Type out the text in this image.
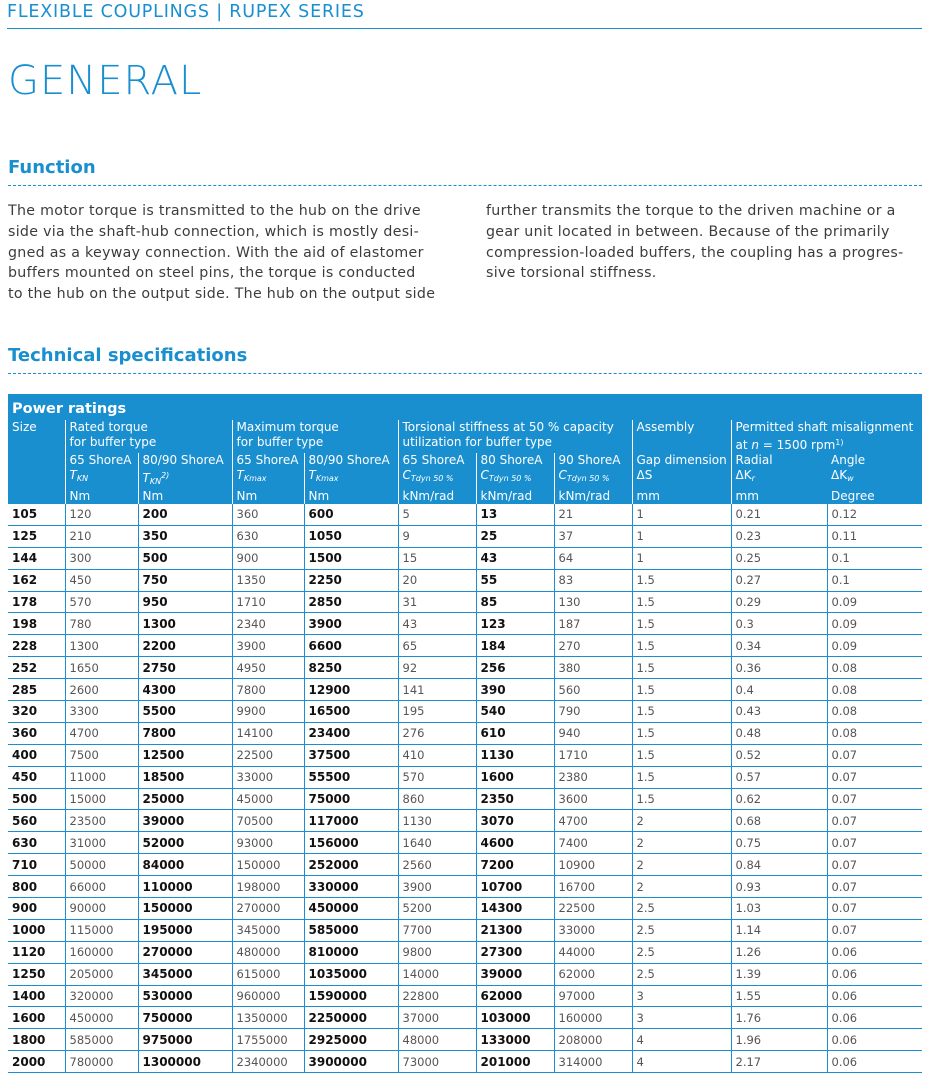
FLEXIBLE COUPLINGS | RUPEX SERIES
GENERAL
Function
The motor torque is transmitted to the hub on the drive
side via the shaft-hub connection, which is mostly desi-
gned as a keyway connection. With the aid of elastomer
buffers mounted on steel pins, the torque is conducted
to the hub on the output side. The hub on the output side
further transmits the torque to the driven machine or a
gear unit located in between. Because of the primarily
compression-loaded buffers, the coupling has a progres-
sive torsional stiffness.
Technical specifications
Power ratings										
Size	Rated torque
for buffer type		Maximum torque
for buffer type		Torsional stiffness at 50 % capacity
utilization for buffer type			Assembly	Permitted shaft misalignment
at n = 1500 rpm$^{1)}$
	65 ShoreA	80/90 ShoreA	65 ShoreA	80/90 ShoreA	65 ShoreA	80 ShoreA	90 ShoreA	Gap dimension	Radial	Angle
	$T_{KN}$	$T_{KN}^{2)}$	$T_{Kmax}$	$T_{Kmax}$	$C_{Tdyn 50 \%}$	$C_{Tdyn 50 \%}$	$C_{Tdyn 50 \%}$	ΔS	$\Delta K_r$	$\Delta K_w$
	Nm	Nm	Nm	Nm	kNm/rad	kNm/rad	kNm/rad	mm	mm	Degree
105	120	200	360	600	5	13	21	1	0.21	0.12
125	210	350	630	1050	9	25	37	1	0.23	0.11
144	300	500	900	1500	15	43	64	1	0.25	0.1
162	450	750	1350	2250	20	55	83	1.5	0.27	0.1
178	570	950	1710	2850	31	85	130	1.5	0.29	0.09
198	780	1300	2340	3900	43	123	187	1.5	0.3	0.09
228	1300	2200	3900	6600	65	184	270	1.5	0.34	0.09
252	1650	2750	4950	8250	92	256	380	1.5	0.36	0.08
285	2600	4300	7800	12900	141	390	560	1.5	0.4	0.08
320	3300	5500	9900	16500	195	540	790	1.5	0.43	0.08
360	4700	7800	14100	23400	276	610	940	1.5	0.48	0.08
400	7500	12500	22500	37500	410	1130	1710	1.5	0.52	0.07
450	11000	18500	33000	55500	570	1600	2380	1.5	0.57	0.07
500	15000	25000	45000	75000	860	2350	3600	1.5	0.62	0.07
560	23500	39000	70500	117000	1130	3070	4700	2	0.68	0.07
630	31000	52000	93000	156000	1640	4600	7400	2	0.75	0.07
710	50000	84000	150000	252000	2560	7200	10900	2	0.84	0.07
800	66000	110000	198000	330000	3900	10700	16700	2	0.93	0.07
900	90000	150000	270000	450000	5200	14300	22500	2.5	1.03	0.07
1000	115000	195000	345000	585000	7700	21300	33000	2.5	1.14	0.07
1120	160000	270000	480000	810000	9800	27300	44000	2.5	1.26	0.06
1250	205000	345000	615000	1035000	14000	39000	62000	2.5	1.39	0.06
1400	320000	530000	960000	1590000	22800	62000	97000	3	1.55	0.06
1600	450000	750000	1350000	2250000	37000	103000	160000	3	1.76	0.06
1800	585000	975000	1755000	2925000	48000	133000	208000	4	1.96	0.06
2000	780000	1300000	2340000	3900000	73000	201000	314000	4	2.17	0.06
